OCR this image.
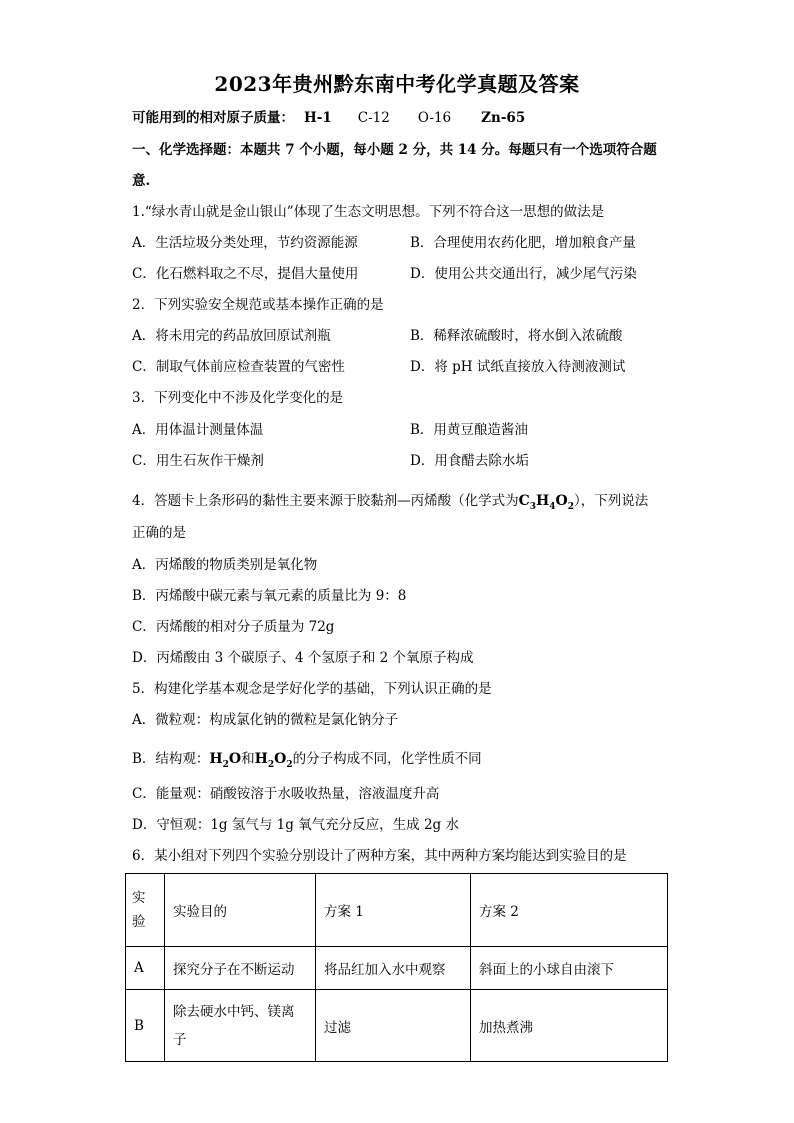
2023年贵州黔东南中考化学真题及答案
可能用到的相对原子质量： H-1 C-12 O-16 Zn-65
一、化学选择题：本题共 7 个小题，每小题 2 分，共 14 分。每题只有一个选项符合题
意.
1.“绿水青山就是金山银山”体现了生态文明思想。下列不符合这一思想的做法是
A．生活垃圾分类处理，节约资源能源	B．合理使用农药化肥，增加粮食产量
C．化石燃料取之不尽，提倡大量使用	D．使用公共交通出行，减少尾气污染
2．下列实验安全规范或基本操作正确的是
A．将未用完的药品放回原试剂瓶	B．稀释浓硫酸时，将水倒入浓硫酸
C．制取气体前应检查装置的气密性	D．将 pH 试纸直接放入待测液测试
3．下列变化中不涉及化学变化的是
A．用体温计测量体温	B．用黄豆酿造酱油
C．用生石灰作干燥剂	D．用食醋去除水垢
4．答题卡上条形码的黏性主要来源于胶黏剂—丙烯酸（化学式为$C_3H_4O_2$），下列说法
正确的是
A．丙烯酸的物质类别是氧化物
B．丙烯酸中碳元素与氧元素的质量比为 9：8
C．丙烯酸的相对分子质量为 72g
D．丙烯酸由 3 个碳原子、4 个氢原子和 2 个氧原子构成
5．构建化学基本观念是学好化学的基础，下列认识正确的是
A．微粒观：构成氯化钠的微粒是氯化钠分子
B．结构观：$H_2O$和$H_2O_2$的分子构成不同，化学性质不同
C．能量观：硝酸铵溶于水吸收热量，溶液温度升高
D．守恒观：1g 氢气与 1g 氧气充分反应，生成 2g 水
6．某小组对下列四个实验分别设计了两种方案，其中两种方案均能达到实验目的是
实验	实验目的	方案 1	方案 2
A	探究分子在不断运动	将品红加入水中观察	斜面上的小球自由滚下
B	除去硬水中钙、镁离子	过滤	加热煮沸
